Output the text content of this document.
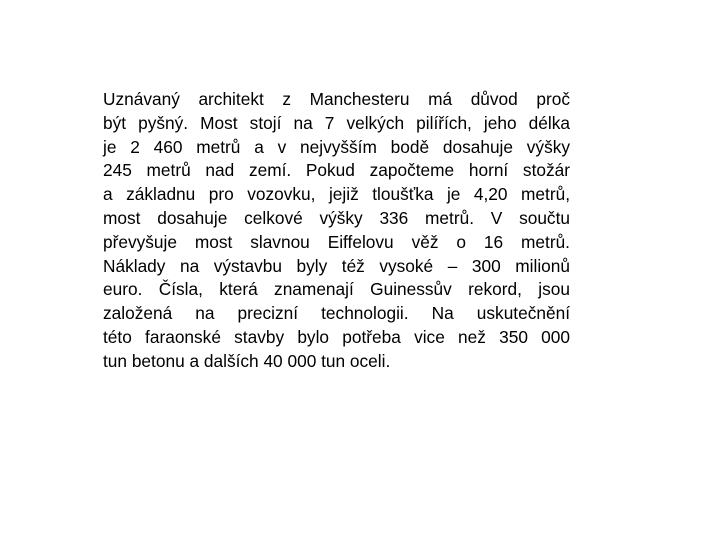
Uznávaný architekt z Manchesteru má důvod proč
být pyšný. Most stojí na 7 velkých pilířích, jeho délka
je 2 460 metrů a v nejvyšším bodě dosahuje výšky
245 metrů nad zemí. Pokud započteme horní stožár
a základnu pro vozovku, jejiž tloušťka je 4,20 metrů,
most dosahuje celkové výšky 336 metrů. V součtu
převyšuje most slavnou Eiffelovu věž o 16 metrů.
Náklady na výstavbu byly též vysoké – 300 milionů
euro. Čísla, která znamenají Guinessův rekord, jsou
založená na precizní technologii. Na uskutečnění
této faraonské stavby bylo potřeba vice než 350 000
tun betonu a dalších 40 000 tun oceli.
